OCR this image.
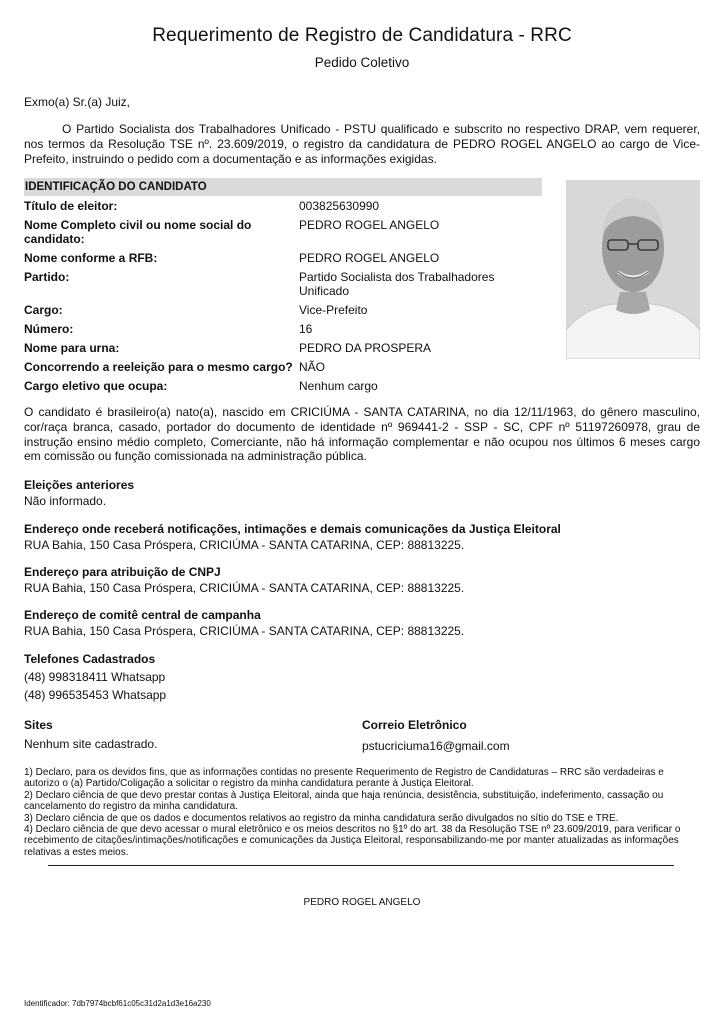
Requerimento de Registro de Candidatura - RRC
Pedido Coletivo
Exmo(a) Sr.(a) Juiz,
O Partido Socialista dos Trabalhadores Unificado - PSTU qualificado e subscrito no respectivo DRAP, vem requerer, nos termos da Resolução TSE nº. 23.609/2019, o registro da candidatura de PEDRO ROGEL ANGELO ao cargo de Vice-Prefeito, instruindo o pedido com a documentação e as informações exigidas.
IDENTIFICAÇÃO DO CANDIDATO
Título de eleitor:	003825630990
Nome Completo civil ou nome social do candidato:
PEDRO ROGEL ANGELO
Nome conforme a RFB:	PEDRO ROGEL ANGELO
Partido:	Partido Socialista dos Trabalhadores Unificado
Cargo:	Vice-Prefeito
Número:	16
Nome para urna:	PEDRO DA PROSPERA
Concorrendo a reeleição para o mesmo cargo? NÃO
Cargo eletivo que ocupa:	Nenhum cargo
O candidato é brasileiro(a) nato(a), nascido em CRICIÚMA - SANTA CATARINA, no dia 12/11/1963, do gênero masculino, cor/raça branca, casado, portador do documento de identidade nº 969441-2 - SSP - SC, CPF nº 51197260978, grau de instrução ensino médio completo, Comerciante, não há informação complementar e não ocupou nos últimos 6 meses cargo em comissão ou função comissionada na administração pública.
Eleições anteriores
Não informado.
Endereço onde receberá notificações, intimações e demais comunicações da Justiça Eleitoral
RUA Bahia, 150 Casa Próspera, CRICIÚMA - SANTA CATARINA, CEP: 88813225.
Endereço para atribuição de CNPJ
RUA Bahia, 150 Casa Próspera, CRICIÚMA - SANTA CATARINA, CEP: 88813225.
Endereço de comitê central de campanha
RUA Bahia, 150 Casa Próspera, CRICIÚMA - SANTA CATARINA, CEP: 88813225.
Telefones Cadastrados
(48) 998318411 Whatsapp
(48) 996535453 Whatsapp
Sites
Nenhum site cadastrado.
Correio Eletrônico
pstucriciuma16@gmail.com

1) Declaro, para os devidos fins, que as informações contidas no presente Requerimento de Registro de Candidaturas – RRC são verdadeiras e autorizo o (a) Partido/Coligação a solicitar o registro da minha candidatura perante à Justiça Eleitoral.

2) Declaro ciência de que devo prestar contas à Justiça Eleitoral, ainda que haja renúncia, desistência, substituição, indeferimento, cassação ou cancelamento do registro da minha candidatura.

3) Declaro ciência de que os dados e documentos relativos ao registro da minha candidatura serão divulgados no sítio do TSE e TRE.

4) Declaro ciência de que devo acessar o mural eletrônico e os meios descritos no §1º do art. 38 da Resolução TSE nº 23.609/2019, para verificar o recebimento de citações/intimações/notificações e comunicações da Justiça Eleitoral, responsabilizando-me por manter atualizadas as informações relativas a estes meios.

PEDRO ROGEL ANGELO
Identificador: 7db7974bcbf61c05c31d2a1d3e16a230
